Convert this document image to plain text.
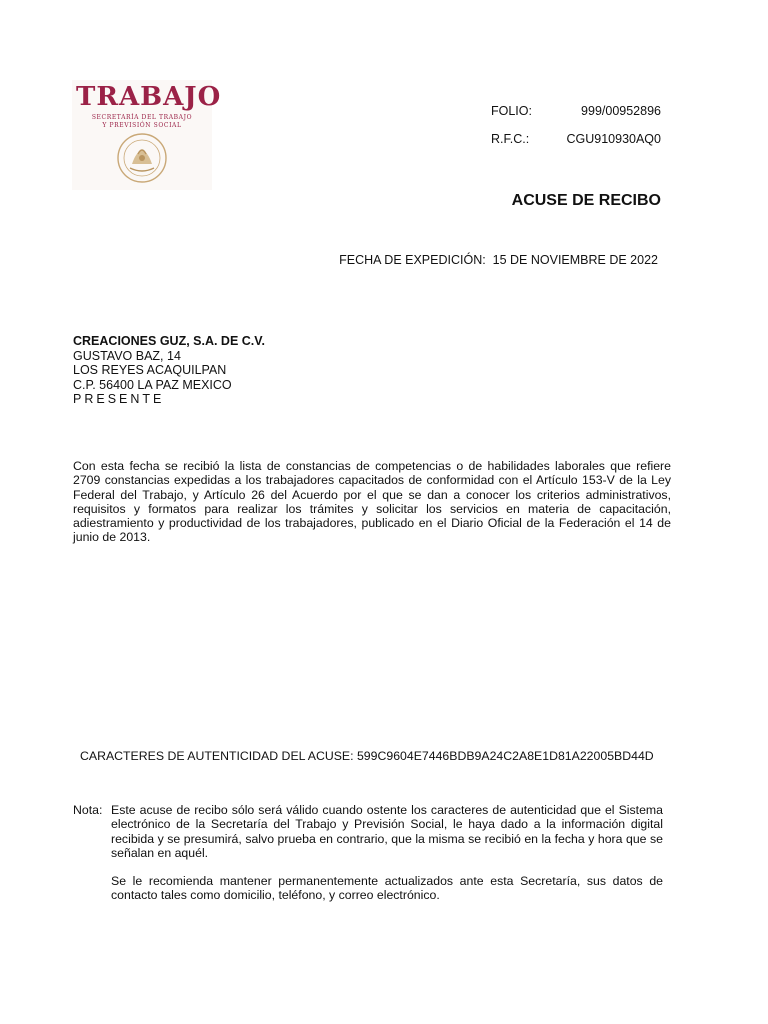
TRABAJO
SECRETARÍA DEL TRABAJO
Y PREVISIÓN SOCIAL
FOLIO:	999/00952896
R.F.C.:	CGU910930AQ0
ACUSE DE RECIBO
FECHA DE EXPEDICIÓN:  15 DE NOVIEMBRE DE 2022
CREACIONES GUZ, S.A. DE C.V.
GUSTAVO BAZ, 14
LOS REYES ACAQUILPAN
C.P. 56400 LA PAZ MEXICO
PRESENTE
Con esta fecha se recibió la lista de constancias de competencias o de habilidades laborales que refiere 2709 constancias expedidas a los trabajadores capacitados de conformidad con el Artículo 153-V de la Ley Federal del Trabajo, y Artículo 26 del Acuerdo por el que se dan a conocer los criterios administrativos, requisitos y formatos para realizar los trámites y solicitar los servicios en materia de capacitación, adiestramiento y productividad de los trabajadores, publicado en el Diario Oficial de la Federación el 14 de junio de 2013.
CARACTERES DE AUTENTICIDAD DEL ACUSE: 599C9604E7446BDB9A24C2A8E1D81A22005BD44D
Nota: Este acuse de recibo sólo será válido cuando ostente los caracteres de autenticidad que el Sistema electrónico de la Secretaría del Trabajo y Previsión Social, le haya dado a la información digital recibida y se presumirá, salvo prueba en contrario, que la misma se recibió en la fecha y hora que se señalan en aquél.

Se le recomienda mantener permanentemente actualizados ante esta Secretaría, sus datos de contacto tales como domicilio, teléfono, y correo electrónico.
